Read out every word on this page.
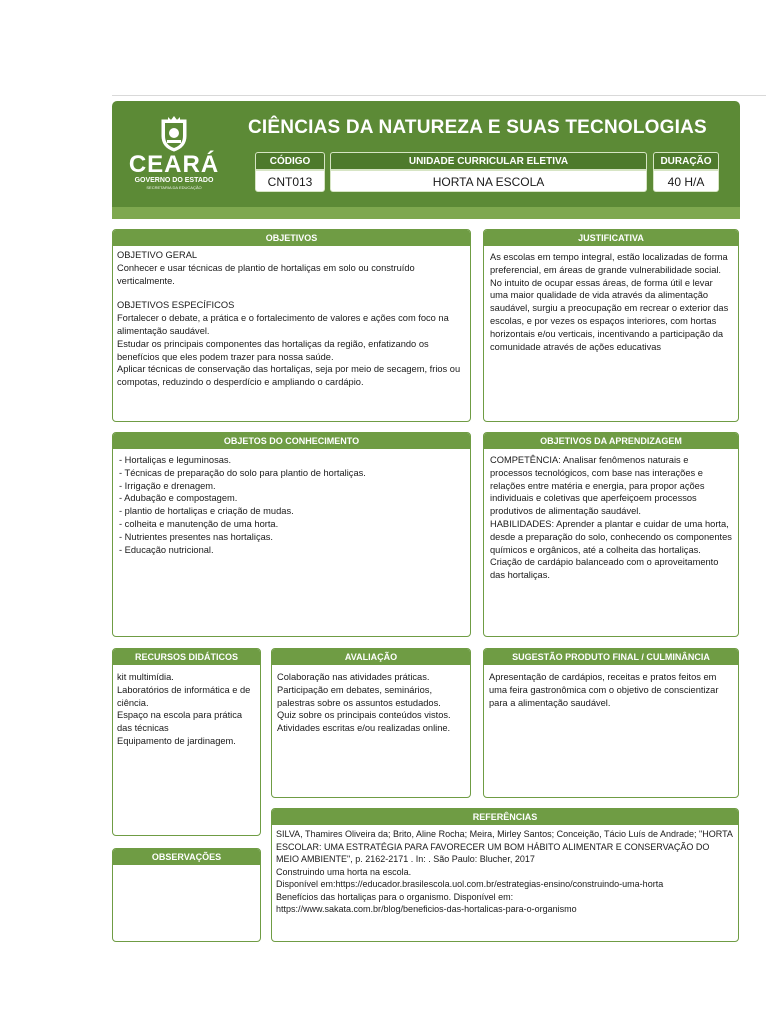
CEARÁ
GOVERNO DO ESTADO
SECRETARIA DA EDUCAÇÃO
CIÊNCIAS DA NATUREZA E SUAS TECNOLOGIAS
CÓDIGO
CNT013
UNIDADE CURRICULAR ELETIVA
HORTA NA ESCOLA
DURAÇÃO
40 H/A
OBJETIVOS

OBJETIVO GERAL

Conhecer e usar técnicas de plantio de hortaliças em solo ou construído verticalmente.

OBJETIVOS ESPECÍFICOS

Fortalecer o debate, a prática e o fortalecimento de valores e ações com foco na alimentação saudável.

Estudar os principais componentes das hortaliças da região, enfatizando os benefícios que eles podem trazer para nossa saúde.

Aplicar técnicas de conservação das hortaliças, seja por meio de secagem, frios ou compotas, reduzindo o desperdício e ampliando o cardápio.

JUSTIFICATIVA
As escolas em tempo integral, estão localizadas de forma preferencial, em áreas de grande vulnerabilidade social. No intuito de ocupar essas áreas, de forma útil e levar uma maior qualidade de vida através da alimentação saudável, surgiu a preocupação em recrear o exterior das escolas, e por vezes os espaços interiores, com hortas horizontais e/ou verticais, incentivando a participação da comunidade através de ações educativas
OBJETOS DO CONHECIMENTO

- Hortaliças e leguminosas.

- Técnicas de preparação do solo para plantio de hortaliças.

- Irrigação e drenagem.

- Adubação e compostagem.

- plantio de hortaliças e criação de mudas.

- colheita e manutenção de uma horta.

- Nutrientes presentes nas hortaliças.

- Educação nutricional.

OBJETIVOS DA APRENDIZAGEM

COMPETÊNCIA: Analisar fenômenos naturais e processos tecnológicos, com base nas interações e relações entre matéria e energia, para propor ações individuais e coletivas que aperfeiçoem processos produtivos de alimentação saudável.

HABILIDADES: Aprender a plantar e cuidar de uma horta, desde a preparação do solo, conhecendo os componentes químicos e orgânicos, até a colheita das hortaliças. Criação de cardápio balanceado com o aproveitamento das hortaliças.

RECURSOS DIDÁTICOS

kit multimídia.

Laboratórios de informática e de ciência.

Espaço na escola para prática das técnicas

Equipamento de jardinagem.

AVALIAÇÃO

Colaboração nas atividades práticas.

Participação em debates, seminários, palestras sobre os assuntos estudados.

Quiz sobre os principais conteúdos vistos.

Atividades escritas e/ou realizadas online.

SUGESTÃO PRODUTO FINAL / CULMINÂNCIA
Apresentação de cardápios, receitas e pratos feitos em uma feira gastronômica com o objetivo de conscientizar para a alimentação saudável.
REFERÊNCIAS

SILVA, Thamires Oliveira da; Brito, Aline Rocha; Meira, Mirley Santos; Conceição, Tácio Luís de Andrade; "HORTA ESCOLAR: UMA ESTRATÉGIA PARA FAVORECER UM BOM HÁBITO ALIMENTAR E CONSERVAÇÃO DO MEIO AMBIENTE", p. 2162-2171 . In: . São Paulo: Blucher, 2017

Construindo uma horta na escola.

Disponível em:https://educador.brasilescola.uol.com.br/estrategias-ensino/construindo-uma-horta

Benefícios das hortaliças para o organismo. Disponível em:

https://www.sakata.com.br/blog/beneficios-das-hortalicas-para-o-organismo

OBSERVAÇÕES
